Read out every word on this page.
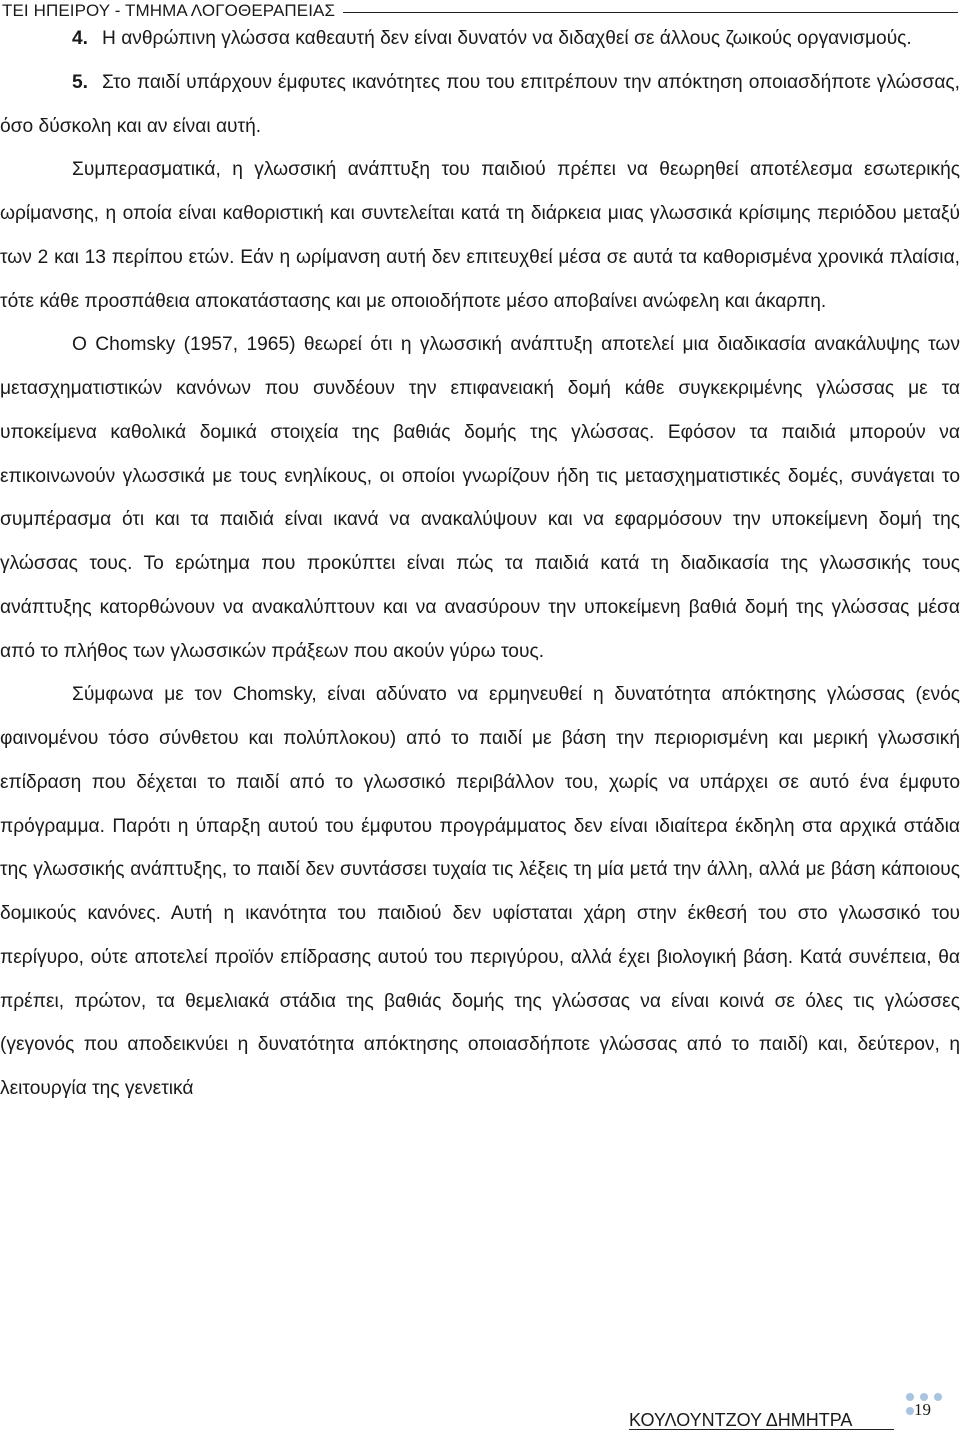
ΤΕΙ ΗΠΕΙΡΟΥ - ΤΜΗΜΑ ΛΟΓΟΘΕΡΑΠΕΙΑΣ

4. Η ανθρώπινη γλώσσα καθεαυτή δεν είναι δυνατόν να διδαχθεί σε άλλους ζωικούς οργανισμούς.

5. Στο παιδί υπάρχουν έμφυτες ικανότητες που του επιτρέπουν την απόκτηση οποιασδήποτε γλώσσας, όσο δύσκολη και αν είναι αυτή.

Συμπερασματικά, η γλωσσική ανάπτυξη του παιδιού πρέπει να θεωρηθεί αποτέλεσμα εσωτερικής ωρίμανσης, η οποία είναι καθοριστική και συντελείται κατά τη διάρκεια μιας γλωσσικά κρίσιμης περιόδου μεταξύ των 2 και 13 περίπου ετών. Εάν η ωρίμανση αυτή δεν επιτευχθεί μέσα σε αυτά τα καθορισμένα χρονικά πλαίσια, τότε κάθε προσπάθεια αποκατάστασης και με οποιοδήποτε μέσο αποβαίνει ανώφελη και άκαρπη.

Ο Chomsky (1957, 1965) θεωρεί ότι η γλωσσική ανάπτυξη αποτελεί μια διαδικασία ανακάλυψης των μετασχηματιστικών κανόνων που συνδέουν την επιφανειακή δομή κάθε συγκεκριμένης γλώσσας με τα υποκείμενα καθολικά δομικά στοιχεία της βαθιάς δομής της γλώσσας. Εφόσον τα παιδιά μπορούν να επικοινωνούν γλωσσικά με τους ενηλίκους, οι οποίοι γνωρίζουν ήδη τις μετασχηματιστικές δομές, συνάγεται το συμπέρασμα ότι και τα παιδιά είναι ικανά να ανακαλύψουν και να εφαρμόσουν την υποκείμενη δομή της γλώσσας τους. Το ερώτημα που προκύπτει είναι πώς τα παιδιά κατά τη διαδικασία της γλωσσικής τους ανάπτυξης κατορθώνουν να ανακαλύπτουν και να ανασύρουν την υποκείμενη βαθιά δομή της γλώσσας μέσα από το πλήθος των γλωσσικών πράξεων που ακούν γύρω τους.

Σύμφωνα με τον Chomsky, είναι αδύνατο να ερμηνευθεί η δυνατότητα απόκτησης γλώσσας (ενός φαινομένου τόσο σύνθετου και πολύπλοκου) από το παιδί με βάση την περιορισμένη και μερική γλωσσική επίδραση που δέχεται το παιδί από το γλωσσικό περιβάλλον του, χωρίς να υπάρχει σε αυτό ένα έμφυτο πρόγραμμα. Παρότι η ύπαρξη αυτού του έμφυτου προγράμματος δεν είναι ιδιαίτερα έκδηλη στα αρχικά στάδια της γλωσσικής ανάπτυξης, το παιδί δεν συντάσσει τυχαία τις λέξεις τη μία μετά την άλλη, αλλά με βάση κάποιους δομικούς κανόνες. Αυτή η ικανότητα του παιδιού δεν υφίσταται χάρη στην έκθεσή του στο γλωσσικό του περίγυρο, ούτε αποτελεί προϊόν επίδρασης αυτού του περιγύρου, αλλά έχει βιολογική βάση. Κατά συνέπεια, θα πρέπει, πρώτον, τα θεμελιακά στάδια της βαθιάς δομής της γλώσσας να είναι κοινά σε όλες τις γλώσσες (γεγονός που αποδεικνύει η δυνατότητα απόκτησης οποιασδήποτε γλώσσας από το παιδί) και, δεύτερον, η λειτουργία της γενετικά

ΚΟΥΛΟΥΝΤΖΟΥ ΔΗΜΗΤΡΑ
19
